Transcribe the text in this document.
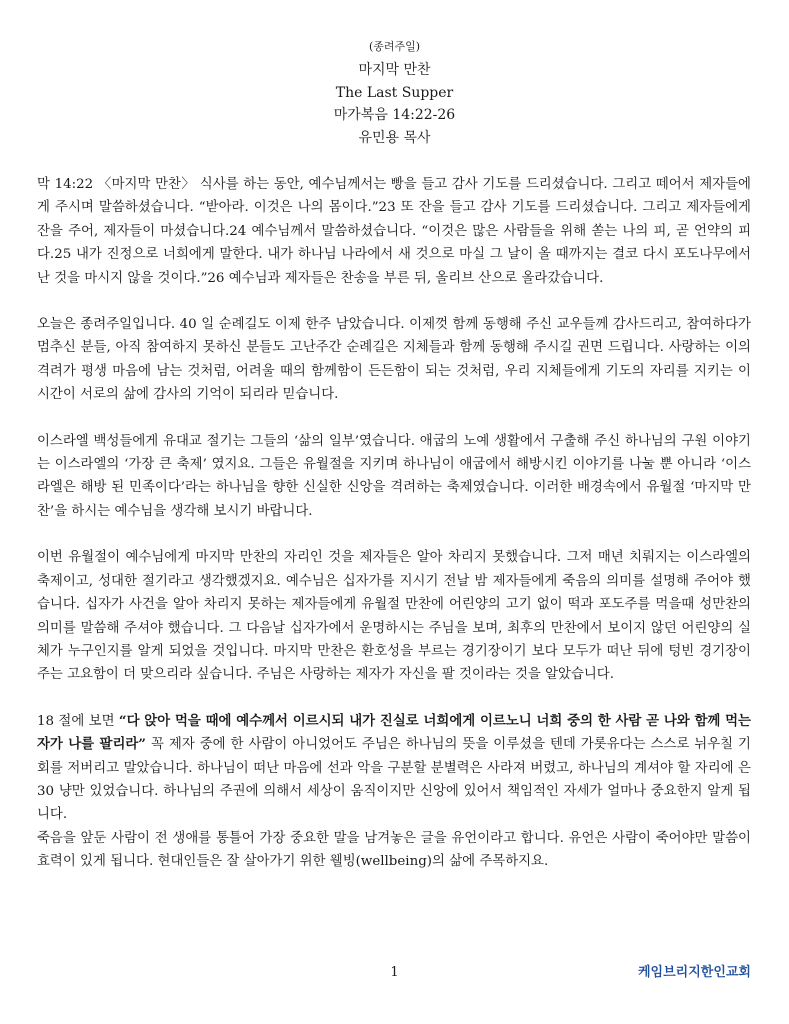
(종려주일)
마지막 만찬
The Last Supper
마가복음 14:22-26
유민용 목사

막 14:22 〈마지막 만찬〉 식사를 하는 동안, 예수님께서는 빵을 들고 감사 기도를 드리셨습니다. 그리고 떼어서 제자들에게 주시며 말씀하셨습니다. “받아라. 이것은 나의 몸이다.”23 또 잔을 들고 감사 기도를 드리셨습니다. 그리고 제자들에게 잔을 주어, 제자들이 마셨습니다.24 예수님께서 말씀하셨습니다. “이것은 많은 사람들을 위해 쏟는 나의 피, 곧 언약의 피다.25 내가 진정으로 너희에게 말한다. 내가 하나님 나라에서 새 것으로 마실 그 날이 올 때까지는 결코 다시 포도나무에서 난 것을 마시지 않을 것이다.”26 예수님과 제자들은 찬송을 부른 뒤, 올리브 산으로 올라갔습니다.

오늘은 종려주일입니다. 40 일 순례길도 이제 한주 남았습니다. 이제껏 함께 동행해 주신 교우들께 감사드리고, 참여하다가 멈추신 분들, 아직 참여하지 못하신 분들도 고난주간 순례길은 지체들과 함께 동행해 주시길 권면 드립니다. 사랑하는 이의 격려가 평생 마음에 남는 것처럼, 어려울 때의 함께함이 든든함이 되는 것처럼, 우리 지체들에게 기도의 자리를 지키는 이 시간이 서로의 삶에 감사의 기억이 되리라 믿습니다.

이스라엘 백성들에게 유대교 절기는 그들의 ‘삶의 일부’였습니다. 애굽의 노예 생활에서 구출해 주신 하나님의 구원 이야기는 이스라엘의 ‘가장 큰 축제’ 였지요. 그들은 유월절을 지키며 하나님이 애굽에서 해방시킨 이야기를 나눌 뿐 아니라 ‘이스라엘은 해방 된 민족이다’라는 하나님을 향한 신실한 신앙을 격려하는 축제였습니다. 이러한 배경속에서 유월절 ‘마지막 만찬’을 하시는 예수님을 생각해 보시기 바랍니다.

이번 유월절이 예수님에게 마지막 만찬의 자리인 것을 제자들은 알아 차리지 못했습니다. 그저 매년 치뤄지는 이스라엘의 축제이고, 성대한 절기라고 생각했겠지요. 예수님은 십자가를 지시기 전날 밤 제자들에게 죽음의 의미를 설명해 주어야 했습니다. 십자가 사건을 알아 차리지 못하는 제자들에게 유월절 만찬에 어린양의 고기 없이 떡과 포도주를 먹을때 성만찬의 의미를 말씀해 주셔야 했습니다. 그 다음날 십자가에서 운명하시는 주님을 보며, 최후의 만찬에서 보이지 않던 어린양의 실체가 누구인지를 알게 되었을 것입니다. 마지막 만찬은 환호성을 부르는 경기장이기 보다 모두가 떠난 뒤에 텅빈 경기장이 주는 고요함이 더 맞으리라 싶습니다. 주님은 사랑하는 제자가 자신을 팔 것이라는 것을 알았습니다.

18 절에 보면 “다 앉아 먹을 때에 예수께서 이르시되 내가 진실로 너희에게 이르노니 너희 중의 한 사람 곧 나와 함께 먹는 자가 나를 팔리라” 꼭 제자 중에 한 사람이 아니었어도 주님은 하나님의 뜻을 이루셨을 텐데 가롯유다는 스스로 뉘우칠 기회를 저버리고 말았습니다. 하나님이 떠난 마음에 선과 악을 구분할 분별력은 사라져 버렸고, 하나님의 계셔야 할 자리에 은 30 냥만 있었습니다. 하나님의 주권에 의해서 세상이 움직이지만 신앙에 있어서 책임적인 자세가 얼마나 중요한지 알게 됩니다.

죽음을 앞둔 사람이 전 생애를 통틀어 가장 중요한 말을 남겨놓은 글을 유언이라고 합니다. 유언은 사람이 죽어야만 말씀이 효력이 있게 됩니다. 현대인들은 잘 살아가기 위한 웰빙(wellbeing)의 삶에 주목하지요.

1	케임브리지한인교회
